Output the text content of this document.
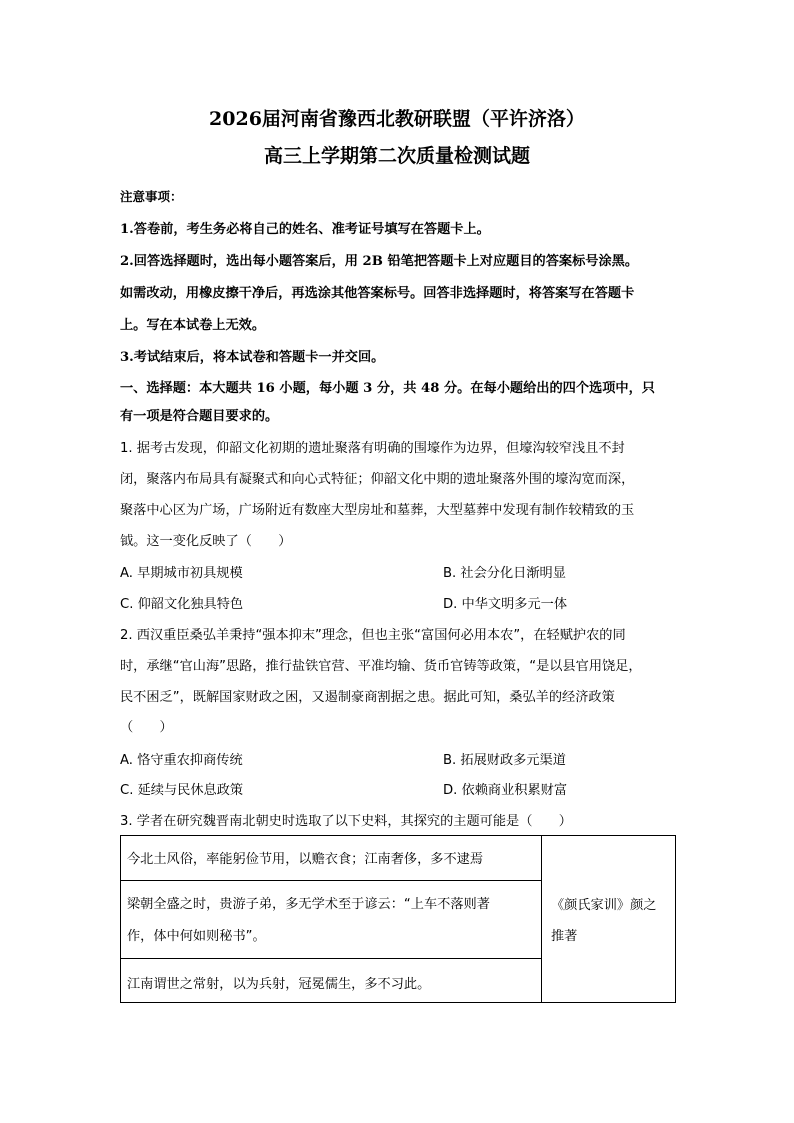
2026届河南省豫西北教研联盟（平许济洛）
高三上学期第二次质量检测试题
注意事项：
1.答卷前，考生务必将自己的姓名、准考证号填写在答题卡上。
2.回答选择题时，选出每小题答案后，用 2B 铅笔把答题卡上对应题目的答案标号涂黑。
如需改动，用橡皮擦干净后，再选涂其他答案标号。回答非选择题时，将答案写在答题卡
上。写在本试卷上无效。
3.考试结束后，将本试卷和答题卡一并交回。
一、选择题：本大题共 16 小题，每小题 3 分，共 48 分。在每小题给出的四个选项中，只
有一项是符合题目要求的。
1. 据考古发现，仰韶文化初期的遗址聚落有明确的围壕作为边界，但壕沟较窄浅且不封
闭，聚落内布局具有凝聚式和向心式特征；仰韶文化中期的遗址聚落外围的壕沟宽而深，
聚落中心区为广场，广场附近有数座大型房址和墓葬，大型墓葬中发现有制作较精致的玉
钺。这一变化反映了（　　）
A. 早期城市初具规模	B. 社会分化日渐明显
C. 仰韶文化独具特色	D. 中华文明多元一体
2. 西汉重臣桑弘羊秉持“强本抑末”理念，但也主张“富国何必用本农”，在轻赋护农的同
时，承继“官山海”思路，推行盐铁官营、平准均输、货币官铸等政策，“是以县官用饶足，
民不困乏”，既解国家财政之困，又遏制豪商割据之患。据此可知，桑弘羊的经济政策
（　　）
A. 恪守重农抑商传统	B. 拓展财政多元渠道
C. 延续与民休息政策	D. 依赖商业积累财富
3. 学者在研究魏晋南北朝史时选取了以下史料，其探究的主题可能是（　　）
今北土风俗，率能躬俭节用，以赡衣食；江南奢侈，多不逮焉
梁朝全盛之时，贵游子弟，多无学术至于谚云：“上车不落则著
作，体中何如则秘书”。
江南谓世之常射，以为兵射，冠冕儒生，多不习此。
《颜氏家训》颜之
推著
